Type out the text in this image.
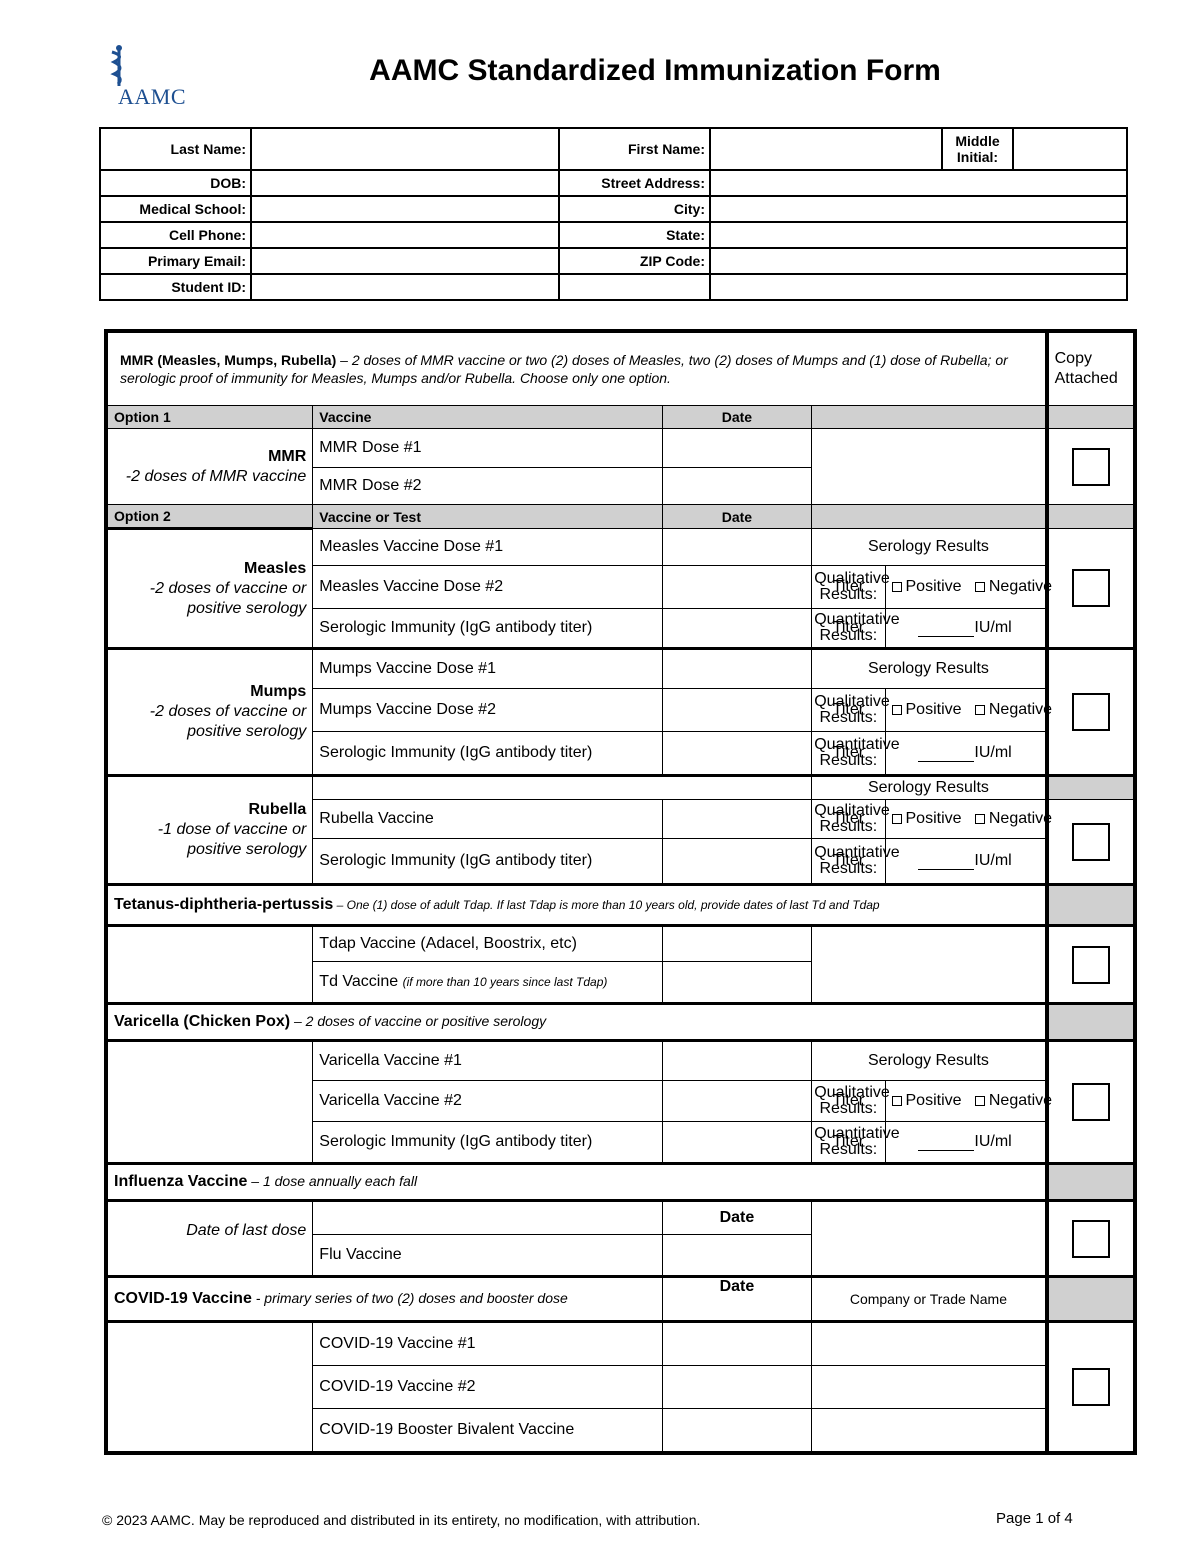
AAMC
AAMC Standardized Immunization Form
Last Name:		First Name:		Middle Initial:	
DOB:		Street Address:			
Medical School:		City:			
Cell Phone:		State:			
Primary Email:		ZIP Code:			
Student ID:					
MMR (Measles, Mumps, Rubella) – 2 doses of MMR vaccine or two (2) doses of Measles, two (2) doses of Mumps and (1) dose of Rubella; or serologic proof of immunity for Measles, Mumps and/or Rubella. Choose only one option.					Copy Attached
Option 1	Vaccine	Date			

MMR
-2 doses of MMR vaccine	MMR Dose #1				

	MMR Dose #2				
Option 2	Vaccine or Test	Date			

Measles
-2 doses of vaccine or positive serology	Measles Vaccine Dose #1		Serology Results		

	Measles Vaccine Dose #2		Qualitative Titer Results:	Positive Negative	
	Serologic Immunity (IgG antibody titer)		Quantitative Titer Results:	IU/ml	

Mumps
-2 doses of vaccine or positive serology	Mumps Vaccine Dose #1		Serology Results		

	Mumps Vaccine Dose #2		Qualitative Titer Results:	Positive Negative	
	Serologic Immunity (IgG antibody titer)		Quantitative Titer Results:	IU/ml	

Rubella
-1 dose of vaccine or positive serology			Serology Results		
	Rubella Vaccine		Qualitative Titer Results:	Positive Negative	

	Serologic Immunity (IgG antibody titer)		Quantitative Titer Results:	IU/ml	
Tetanus-diphtheria-pertussis – One (1) dose of adult Tdap. If last Tdap is more than 10 years old, provide dates of last Td and Tdap					
	Tdap Vaccine (Adacel, Boostrix, etc)				

	Td Vaccine (if more than 10 years since last Tdap)				
Varicella (Chicken Pox) – 2 doses of vaccine or positive serology					
	Varicella Vaccine #1		Serology Results		

	Varicella Vaccine #2		Qualitative Titer Results:	Positive Negative	
	Serologic Immunity (IgG antibody titer)		Quantitative Titer Results:	IU/ml	
Influenza Vaccine – 1 dose annually each fall					
Date of last dose		Date			

	Flu Vaccine				
COVID-19 Vaccine - primary series of two (2) doses and booster dose		Date	Company or Trade Name		
	COVID-19 Vaccine #1				

	COVID-19 Vaccine #2				
	COVID-19 Booster Bivalent Vaccine				
© 2023 AAMC. May be reproduced and distributed in its entirety, no modification, with attribution.	Page 1 of 4
